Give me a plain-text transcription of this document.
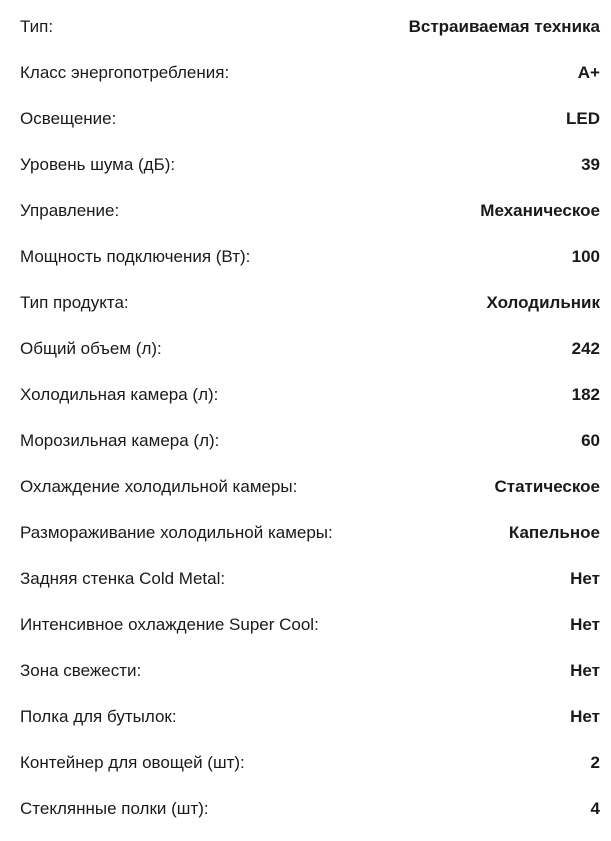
Тип:	Встраиваемая техника
Класс энергопотребления:	A+
Освещение:	LED
Уровень шума (дБ):	39
Управление:	Механическое
Мощность подключения (Вт):	100
Тип продукта:	Холодильник
Общий объем (л):	242
Холодильная камера (л):	182
Морозильная камера (л):	60
Охлаждение холодильной камеры:	Статическое
Размораживание холодильной камеры:	Капельное
Задняя стенка Cold Metal:	Нет
Интенсивное охлаждение Super Cool:	Нет
Зона свежести:	Нет
Полка для бутылок:	Нет
Контейнер для овощей (шт):	2
Стеклянные полки (шт):	4
